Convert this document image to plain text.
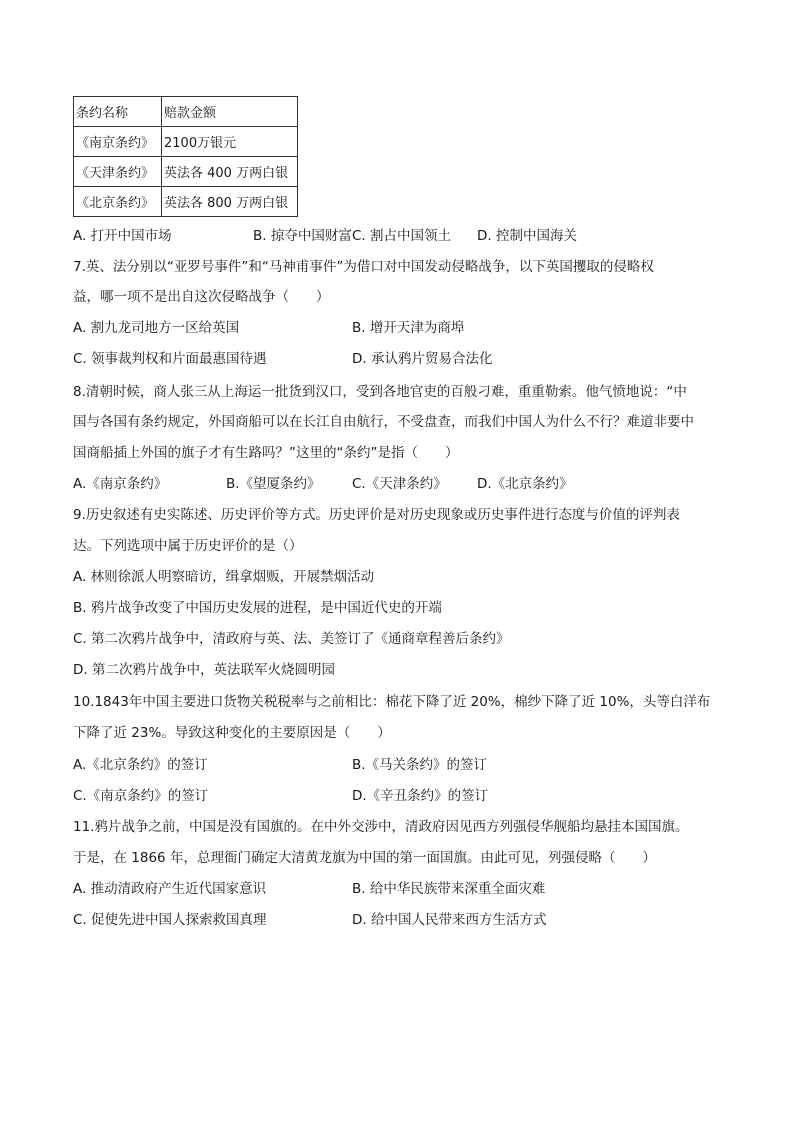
条约名称	赔款金额
《南京条约》	2100万银元
《天津条约》	英法各 400 万两白银
《北京条约》	英法各 800 万两白银
A. 打开中国市场	B. 掠夺中国财富 C. 割占中国领土 D. 控制中国海关
7.英、法分别以“亚罗号事件”和“马神甫事件”为借口对中国发动侵略战争，以下英国攫取的侵略权
益，哪一项不是出自这次侵略战争（　　）
A. 割九龙司地方一区给英国	B. 增开天津为商埠
C. 领事裁判权和片面最惠国待遇	D. 承认鸦片贸易合法化
8.清朝时候，商人张三从上海运一批货到汉口，受到各地官吏的百般刁难，重重勒索。他气愤地说：“中
国与各国有条约规定，外国商船可以在长江自由航行，不受盘查，而我们中国人为什么不行？难道非要中
国商船插上外国的旗子才有生路吗？”这里的“条约”是指（　　）
A.《南京条约》	B.《望厦条约》 C.《天津条约》 D.《北京条约》
9.历史叙述有史实陈述、历史评价等方式。历史评价是对历史现象或历史事件进行态度与价值的评判表
达。下列选项中属于历史评价的是（）
A. 林则徐派人明察暗访，缉拿烟贩，开展禁烟活动
B. 鸦片战争改变了中国历史发展的进程，是中国近代史的开端
C. 第二次鸦片战争中，清政府与英、法、美签订了《通商章程善后条约》
D. 第二次鸦片战争中，英法联军火烧圆明园
10.1843年中国主要进口货物关税税率与之前相比：棉花下降了近 20%，棉纱下降了近 10%，头等白洋布
下降了近 23%。导致这种变化的主要原因是（　　）
A.《北京条约》的签订	B.《马关条约》的签订
C.《南京条约》的签订	D.《辛丑条约》的签订
11.鸦片战争之前，中国是没有国旗的。在中外交涉中，清政府因见西方列强侵华舰船均悬挂本国国旗。
于是，在 1866 年，总理衙门确定大清黄龙旗为中国的第一面国旗。由此可见，列强侵略（　　）
A. 推动清政府产生近代国家意识	B. 给中华民族带来深重全面灾难
C. 促使先进中国人探索救国真理	D. 给中国人民带来西方生活方式
